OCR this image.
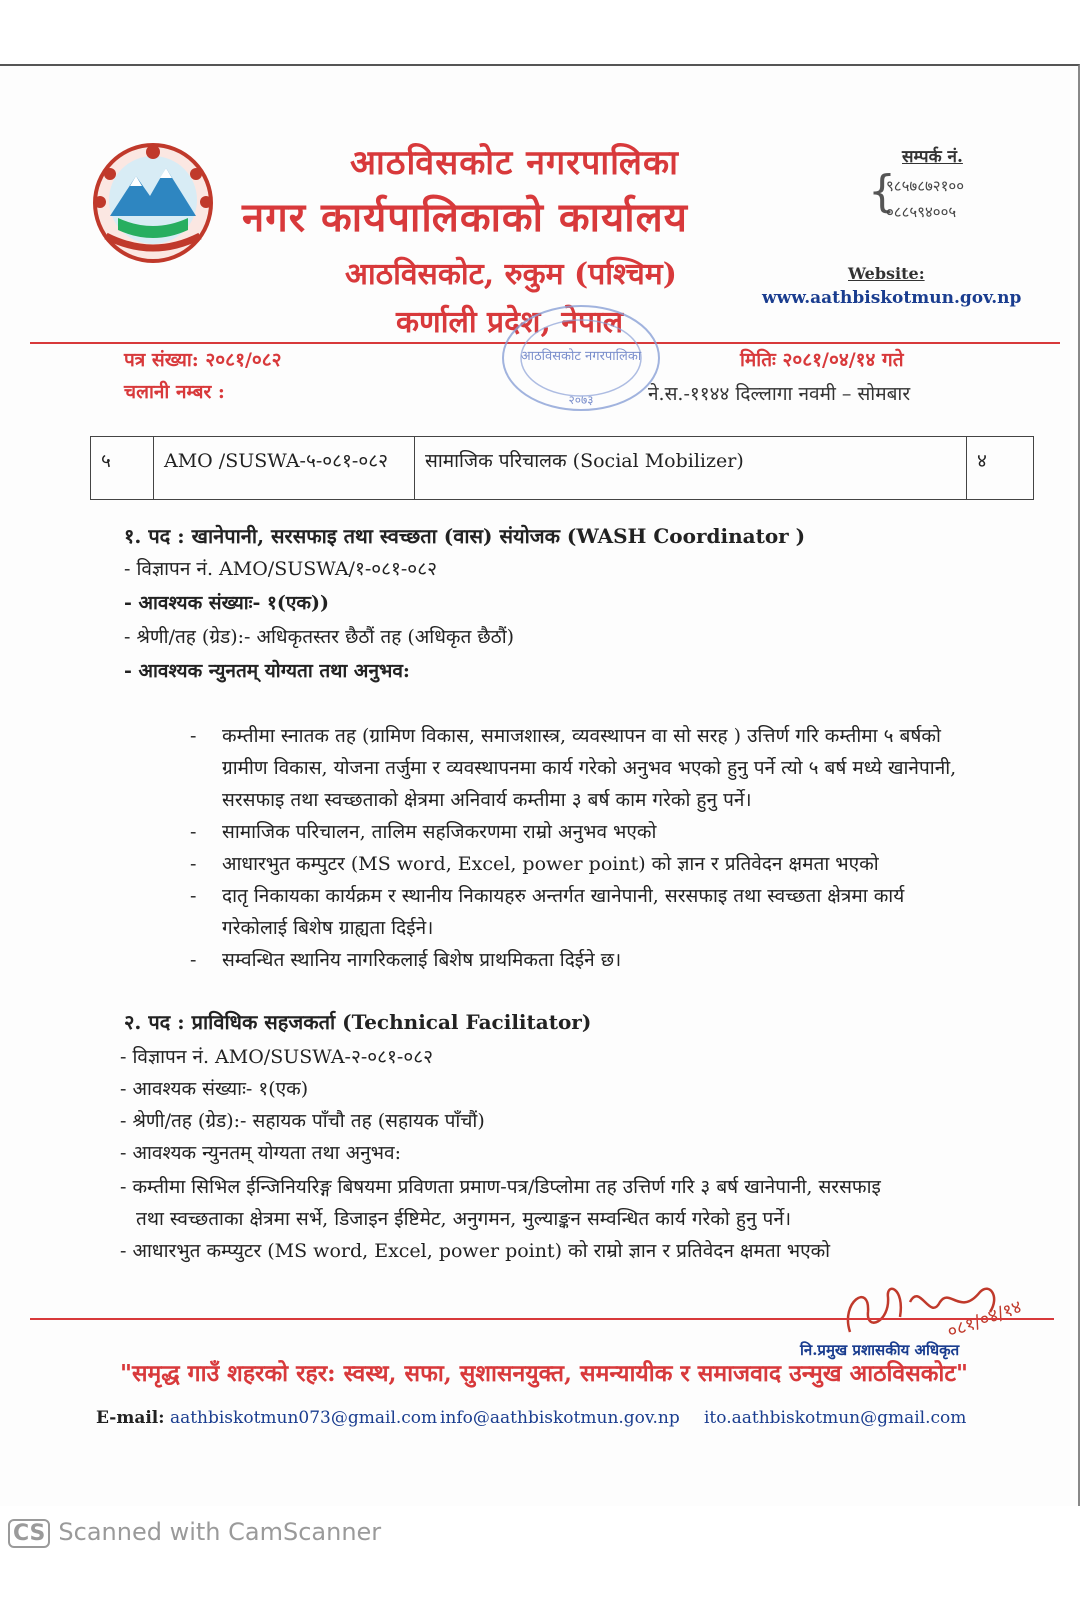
आठविसकोट नगरपालिका
नगर कार्यपालिकाको कार्यालय
आठविसकोट, रुकुम (पश्चिम)
कर्णाली प्रदेश, नेपाल
सम्पर्क नं.
{
९८५७८७२१००
०८८५९४००५
Website:
www.aathbiskotmun.gov.np
आठविसकोट नगरपालिका
२०७३
पत्र संख्या: २०८१/०८२
चलानी नम्बर :
मितिः २०८१/०४/१४ गते
ने.स.-११४४ दिल्लागा नवमी – सोमबार
५	AMO /SUSWA-५-०८१-०८२	सामाजिक परिचालक (Social Mobilizer)	४
१. पद : खानेपानी, सरसफाइ तथा स्वच्छता (वास) संयोजक (WASH Coordinator )
- विज्ञापन नं. AMO/SUSWA/१-०८१-०८२
- आवश्यक संख्याः- १(एक))
- श्रेणी/तह (ग्रेड):- अधिकृतस्तर छैठौं तह (अधिकृत छैठौं)
- आवश्यक न्युनतम् योग्यता तथा अनुभव:
- कम्तीमा स्नातक तह (ग्रामिण विकास, समाजशास्त्र, व्यवस्थापन वा सो सरह ) उत्तिर्ण गरि कम्तीमा ५ बर्षको ग्रामीण विकास, योजना तर्जुमा र व्यवस्थापनमा कार्य गरेको अनुभव भएको हुनु पर्ने त्यो ५ बर्ष मध्ये खानेपानी, सरसफाइ तथा स्वच्छताको क्षेत्रमा अनिवार्य कम्तीमा ३ बर्ष काम गरेको हुनु पर्ने।
- सामाजिक परिचालन, तालिम सहजिकरणमा राम्रो अनुभव भएको
- आधारभुत कम्पुटर (MS word, Excel, power point) को ज्ञान र प्रतिवेदन क्षमता भएको
- दातृ निकायका कार्यक्रम र स्थानीय निकायहरु अन्तर्गत खानेपानी, सरसफाइ तथा स्वच्छता क्षेत्रमा कार्य गरेकोलाई बिशेष ग्राह्यता दिईने।
- सम्वन्धित स्थानिय नागरिकलाई बिशेष प्राथमिकता दिईने छ।
२. पद : प्राविधिक सहजकर्ता (Technical Facilitator)
- विज्ञापन नं. AMO/SUSWA-२-०८१-०८२
- आवश्यक संख्याः- १(एक)
- श्रेणी/तह (ग्रेड):- सहायक पाँचौ तह (सहायक पाँचौं)
- आवश्यक न्युनतम् योग्यता तथा अनुभव:
- कम्तीमा सिभिल ईन्जिनियरिङ्ग बिषयमा प्रविणता प्रमाण-पत्र/डिप्लोमा तह उत्तिर्ण गरि ३ बर्ष खानेपानी, सरसफाइ
तथा स्वच्छताका क्षेत्रमा सर्भे, डिजाइन ईष्टिमेट, अनुगमन, मुल्याङ्कन सम्वन्धित कार्य गरेको हुनु पर्ने।
- आधारभुत कम्प्युटर (MS word, Excel, power point) को राम्रो ज्ञान र प्रतिवेदन क्षमता भएको
०८१/०४/१४
"समृद्ध गाउँ शहरको रहर: स्वस्थ, सफा, सुशासनयुक्त, समन्यायीक र समाजवाद उन्मुख आठविसकोट"
नि.प्रमुख प्रशासकीय अधिकृत
E-mail: aathbiskotmun073@gmail.com info@aathbiskotmun.gov.np ito.aathbiskotmun@gmail.com
CS Scanned with CamScanner
